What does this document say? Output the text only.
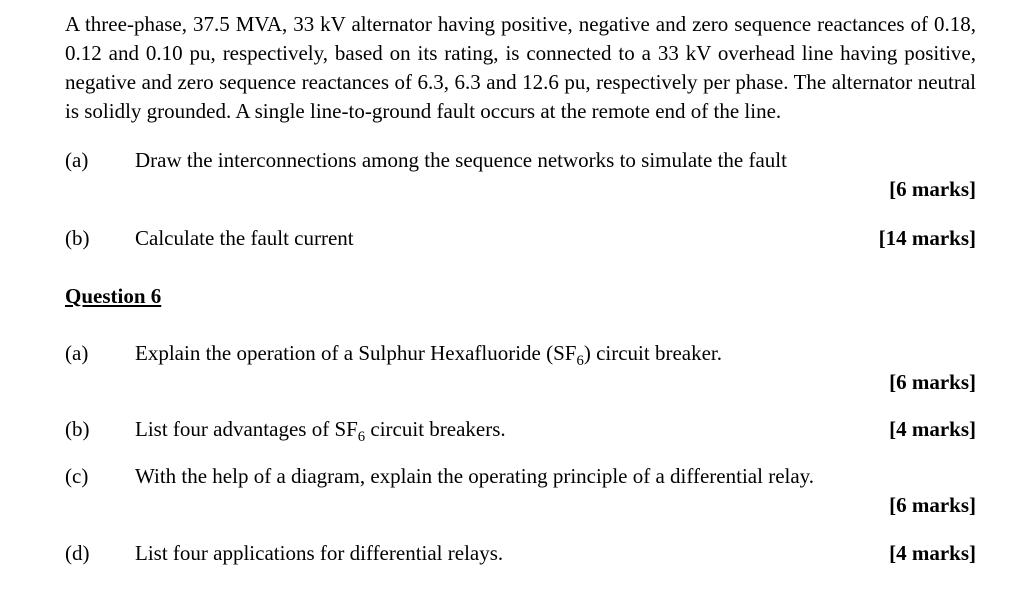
A three-phase, 37.5 MVA, 33 kV alternator having positive, negative and zero sequence reactances of 0.18, 0.12 and 0.10 pu, respectively, based on its rating, is connected to a 33 kV overhead line having positive, negative and zero sequence reactances of 6.3, 6.3 and 12.6 pu, respectively per phase. The alternator neutral is solidly grounded. A single line-to-ground fault occurs at the remote end of the line.

(a)	Draw the interconnections among the sequence networks to simulate the fault
[6 marks]
(b)	Calculate the fault current	[14 marks]
Question 6
(a)	Explain the operation of a Sulphur Hexafluoride $(SF_6)$ circuit breaker.
[6 marks]
(b)	List four advantages of $SF_6$ circuit breakers.	[4 marks]
(c)	With the help of a diagram, explain the operating principle of a differential relay.
[6 marks]
(d)	List four applications for differential relays.	[4 marks]
